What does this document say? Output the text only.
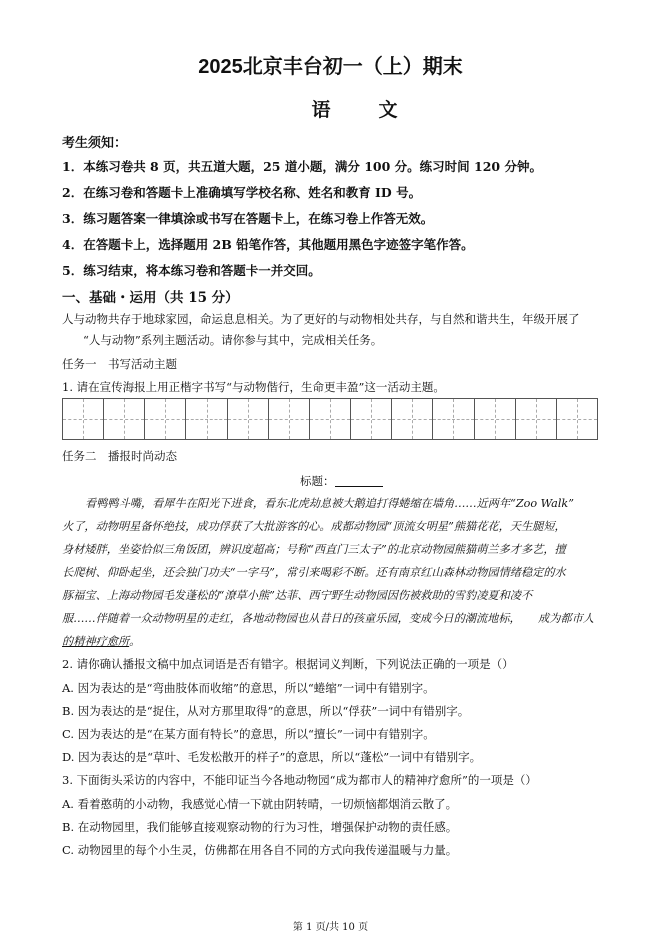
2025北京丰台初一（上）期末
语文
考生须知：
1．本练习卷共 8 页，共五道大题，25 道小题，满分 100 分。练习时间 120 分钟。
2．在练习卷和答题卡上准确填写学校名称、姓名和教育 ID 号。
3．练习题答案一律填涂或书写在答题卡上，在练习卷上作答无效。
4．在答题卡上，选择题用 2B 铅笔作答，其他题用黑色字迹签字笔作答。
5．练习结束，将本练习卷和答题卡一并交回。
一、基础・运用（共 15 分）
人与动物共存于地球家园，命运息息相关。为了更好的与动物相处共存，与自然和谐共生，年级开展了
“人与动物”系列主题活动。请你参与其中，完成相关任务。
任务一　书写活动主题
1. 请在宣传海报上用正楷字书写“与动物偕行，生命更丰盈”这一活动主题。
任务二　播报时尚动态
标题：
看鸭鸭斗嘴，看犀牛在阳光下进食，看东北虎劫息被大鹅追打得蜷缩在墙角……近两年“Zoo Walk”
火了，动物明星备怀绝技，成功俘获了大批游客的心。成都动物园“顶流女明星”熊猫花花，天生腿短，
身材矮胖，坐姿恰似三角饭团，辨识度超高；号称“西直门三太子”的北京动物园熊猫萌兰多才多艺，擅
长爬树、仰卧起坐，还会独门功夫“一字马”，常引来喝彩不断。还有南京红山森林动物园情绪稳定的水
豚福宝、上海动物园毛发蓬松的“潦草小熊”达菲、西宁野生动物园因伤被救助的雪豹凌夏和凌不
服……伴随着一众动物明星的走红，各地动物园也从昔日的孩童乐园，变成今日的潮流地标， 成为都市人
的精神疗愈所。
2. 请你确认播报文稿中加点词语是否有错字。根据词义判断，下列说法正确的一项是（）
A. 因为表达的是“弯曲肢体而收缩”的意思，所以“蜷缩”一词中有错别字。
B. 因为表达的是“捉住，从对方那里取得”的意思，所以“俘获”一词中有错别字。
C. 因为表达的是“在某方面有特长”的意思，所以“擅长”一词中有错别字。
D. 因为表达的是“草叶、毛发松散开的样子”的意思，所以“蓬松”一词中有错别字。
3. 下面街头采访的内容中，不能印证当今各地动物园“成为都市人的精神疗愈所”的一项是（）
A. 看着憨萌的小动物，我感觉心情一下就由阴转晴，一切烦恼都烟消云散了。
B. 在动物园里，我们能够直接观察动物的行为习性，增强保护动物的责任感。
C. 动物园里的每个小生灵，仿佛都在用各自不同的方式向我传递温暖与力量。
第 1 页/共 10 页
